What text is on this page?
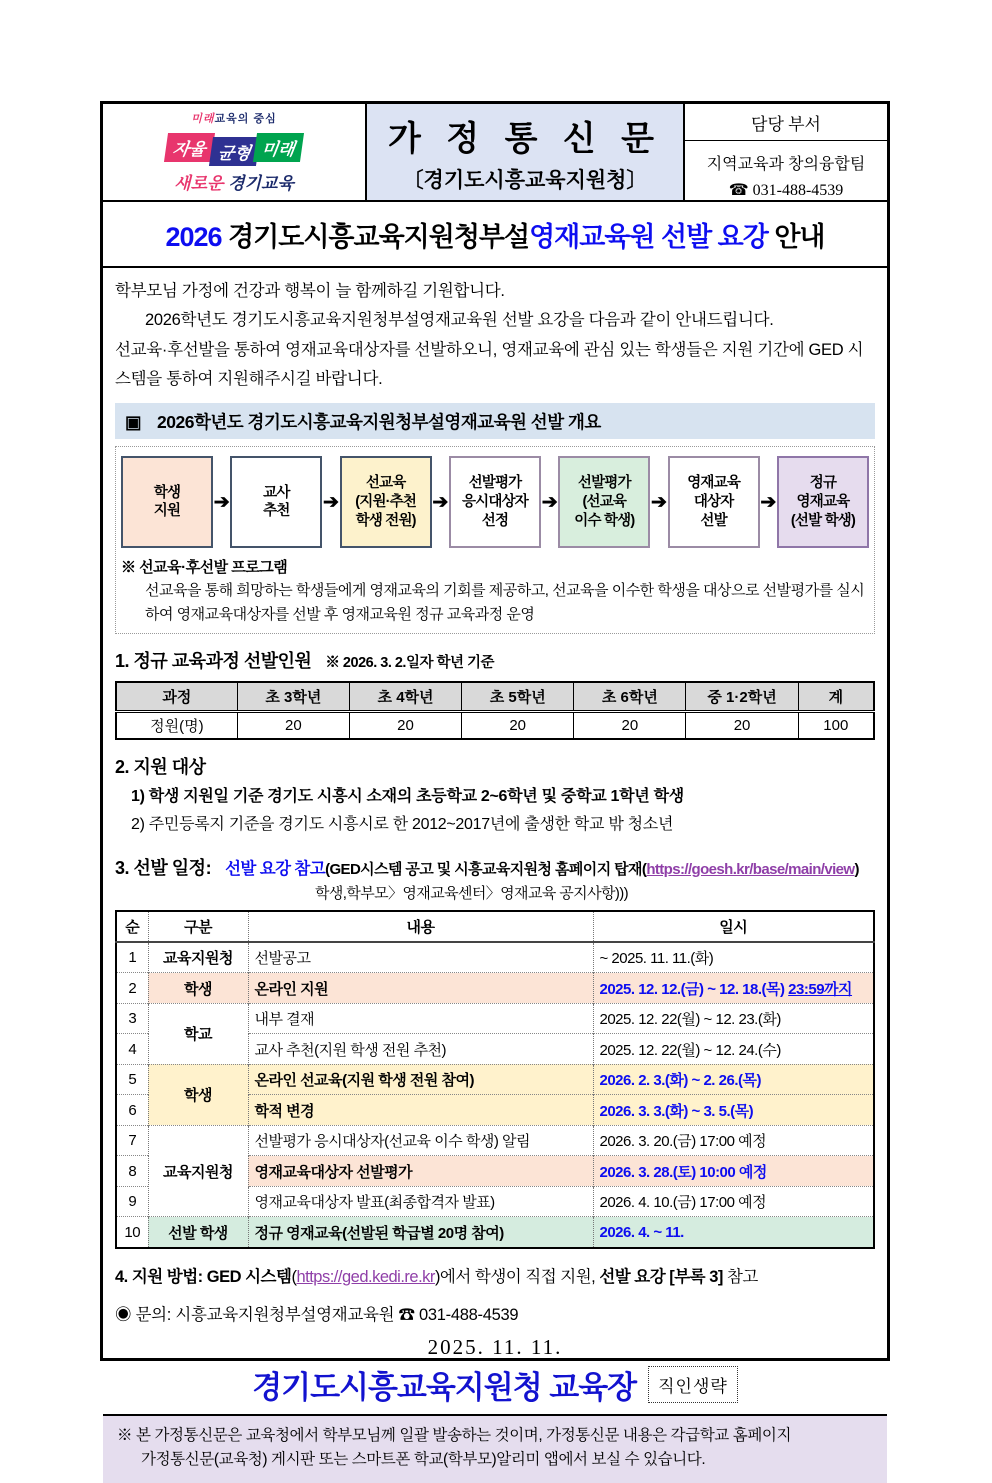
미래교육의 중심
자율 균형 미래
새로운 경기교육
가 정 통 신 문
〔경기도시흥교육지원청〕
담당 부서
지역교육과 창의융합팀
☎ 031-488-4539
2026 경기도시흥교육지원청부설영재교육원 선발 요강 안내

학부모님 가정에 건강과 행복이 늘 함께하길 기원합니다.

2026학년도 경기도시흥교육지원청부설영재교육원 선발 요강을 다음과 같이 안내드립니다.

선교육·후선발을 통하여 영재교육대상자를 선발하오니, 영재교육에 관심 있는 학생들은 지원 기간에 GED 시스템을 통하여 지원해주시길 바랍니다.

▣ 2026학년도 경기도시흥교육지원청부설영재교육원 선발 개요
학생
지원 ➔ 교사
추천 ➔
선교육
(지원·추천
학생 전원)
➔
선발평가
응시대상자
선정
➔
선발평가
(선교육
이수 학생)
➔
영재교육
대상자
선발
➔
정규
영재교육
(선발 학생)
※ 선교육·후선발 프로그램
선교육을 통해 희망하는 학생들에게 영재교육의 기회를 제공하고, 선교육을 이수한 학생을 대상으로 선발평가를 실시하여 영재교육대상자를 선발 후 영재교육원 정규 교육과정 운영
1. 정규 교육과정 선발인원 ※ 2026. 3. 2.일자 학년 기준
과정	초 3학년	초 4학년	초 5학년	초 6학년	중 1·2학년	계
정원(명)	20	20	20	20	20	100
2. 지원 대상

1) 학생 지원일 기준 경기도 시흥시 소재의 초등학교 2~6학년 및 중학교 1학년 학생

2) 주민등록지 기준을 경기도 시흥시로 한 2012~2017년에 출생한 학교 밖 청소년

3. 선발 일정: 선발 요강 참고(GED시스템 공고 및 시흥교육지원청 홈페이지 탑재(https://goesh.kr/base/main/view)
학생,학부모〉영재교육센터〉영재교육 공지사항)))
순	구분	내용	일시
1	교육지원청	선발공고	~ 2025. 11. 11.(화)
2	학생	온라인 지원	2025. 12. 12.(금) ~ 12. 18.(목) 23:59까지
3	학교	내부 결재	2025. 12. 22(월) ~ 12. 23.(화)
4		교사 추천(지원 학생 전원 추천)	2025. 12. 22(월) ~ 12. 24.(수)
5	학생	온라인 선교육(지원 학생 전원 참여)	2026. 2. 3.(화) ~ 2. 26.(목)
6		학적 변경	2026. 3. 3.(화) ~ 3. 5.(목)
7	교육지원청	선발평가 응시대상자(선교육 이수 학생) 알림	2026. 3. 20.(금) 17:00 예정
8		영재교육대상자 선발평가	2026. 3. 28.(토) 10:00 예정
9		영재교육대상자 발표(최종합격자 발표)	2026. 4. 10.(금) 17:00 예정
10	선발 학생	정규 영재교육(선발된 학급별 20명 참여)	2026. 4. ~ 11.
4. 지원 방법: GED 시스템(https://ged.kedi.re.kr)에서 학생이 직접 지원, 선발 요강 [부록 3] 참고
◉ 문의: 시흥교육지원청부설영재교육원 ☎ 031-488-4539
2025. 11. 11.
경기도시흥교육지원청 교육장	직인생략
※ 본 가정통신문은 교육청에서 학부모님께 일괄 발송하는 것이며, 가정통신문 내용은 각급학교 홈페이지
가정통신문(교육청) 게시판 또는 스마트폰 학교(학부모)알리미 앱에서 보실 수 있습니다.
